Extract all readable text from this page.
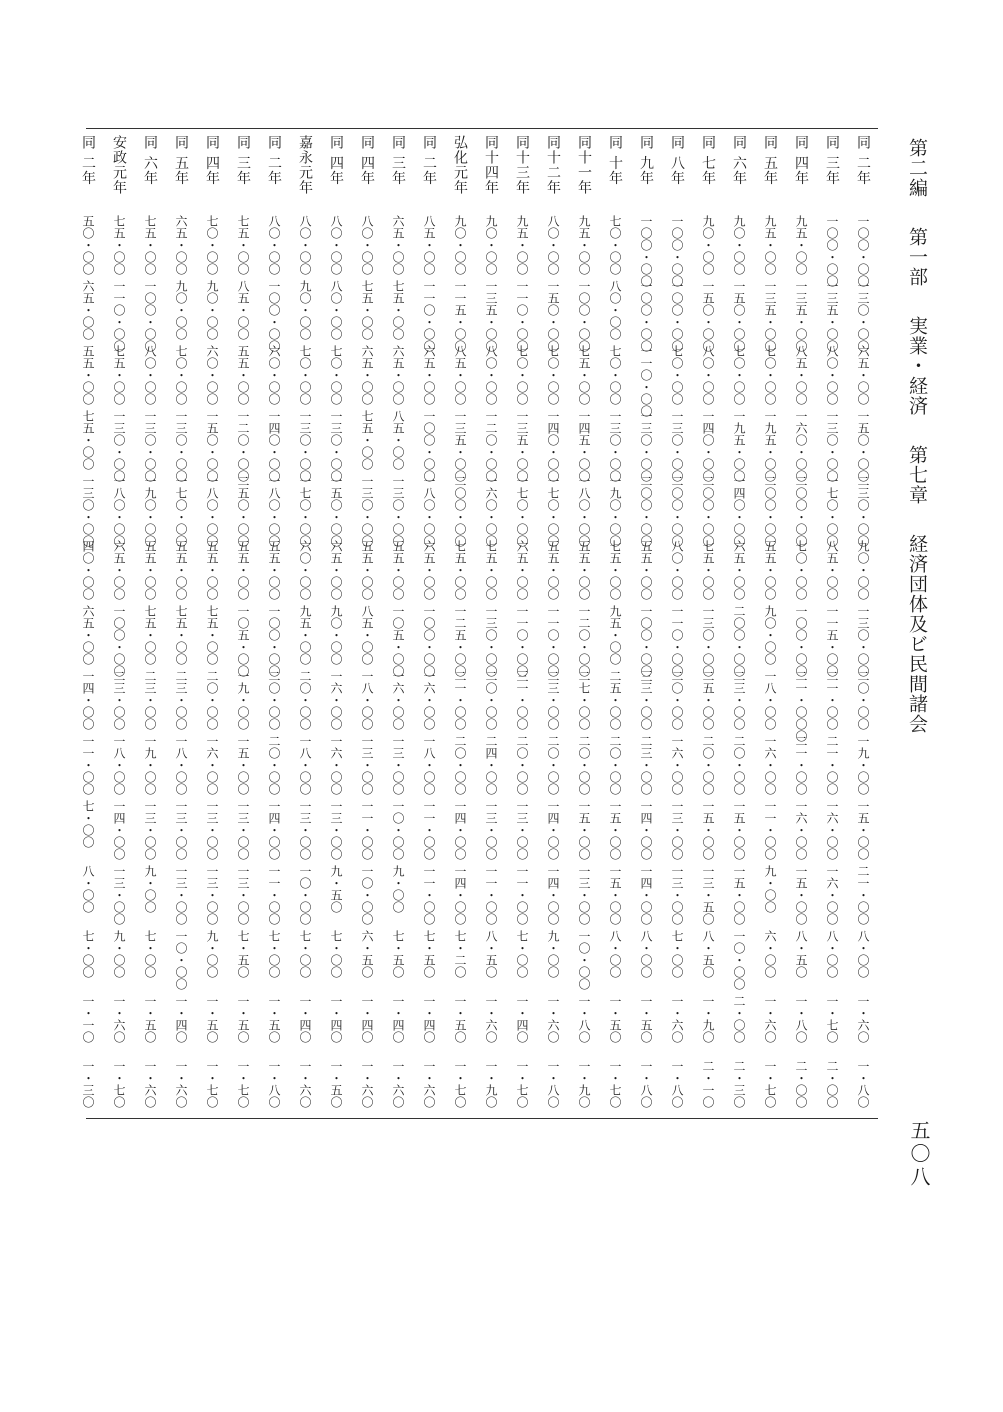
第二編 第一部 実業・経済 第七章 経済団体及ビ民間諸会
同 二年
一〇〇・〇〇
一三〇・〇〇
六五・〇〇
一五〇・〇〇
二三〇・〇〇
九〇・〇〇
一三〇・〇〇
二〇・〇〇
一九・〇〇
一五・〇〇
二一・〇〇
八・〇〇
一・六〇
一・八〇
同 三年
一〇〇・〇〇
一三五・〇〇
八〇・〇〇
一三〇・〇〇
一七〇・〇〇
八五・〇〇
一一五・〇〇
二一・〇〇
二一・〇〇
一六・〇〇
一六・〇〇
八・〇〇
一・七〇
二・〇〇
同 四年
九五・〇〇
一三五・〇〇
八五・〇〇
一六〇・〇〇
二〇〇・〇〇
七〇・〇〇
一〇〇・〇〇
二一・〇〇〇
二一・〇〇
一六・〇〇
一五・〇〇
八・五〇
一・八〇
二・〇〇
同 五年
九五・〇〇
一三五・〇〇
七〇・〇〇
一九五・〇〇
二〇〇・〇〇
五五・〇〇
九〇・〇〇
一八・〇〇
一六・〇〇
一一・〇〇
九・〇〇
六・〇〇
一・六〇
一・七〇
同 六年
九〇・〇〇
一五〇・〇〇
七〇・〇〇
一九五・〇〇
一四〇・〇〇
六五・〇〇
二〇〇・〇〇
二三・〇〇
二〇・〇〇
一五・〇〇
一五・〇〇
一〇・〇〇
二・〇〇
二・三〇
同 七年
九〇・〇〇
一五〇・〇〇
八〇・〇〇
一四〇・〇〇
二〇〇・〇〇
七五・〇〇
一三〇・〇〇
二五・〇〇
二〇・〇〇
一五・〇〇
一三・五〇
八・五〇
一・九〇
二・一〇
同 八年
一〇〇・〇〇
一〇〇・〇〇
七〇・〇〇
一三〇・〇〇
二〇〇・〇〇
八〇・〇〇
一一〇・〇〇
二〇・〇〇
一六・〇〇
一三・〇〇
一三・〇〇
七・〇〇
一・六〇
一・八〇
同 九年
一〇〇・〇〇
一〇〇・〇〇
一一〇・〇〇
一三〇・〇〇
二〇〇・〇〇
五五・〇〇
一〇〇・〇〇
三三・〇〇
二三・〇〇
一四・〇〇
一四・〇〇
八・〇〇
一・五〇
一・八〇
同 十年
七〇・〇〇
八〇・〇〇
七〇・〇〇
一三〇・〇〇
一九〇・〇〇
七五・〇〇
九五・〇〇
二五・〇〇
二〇・〇〇
一五・〇〇
一五・〇〇
八・〇〇
一・五〇
一・七〇
同十一年
九五・〇〇
一〇〇・〇〇
七五・〇〇
一四五・〇〇
一八〇・〇〇
五五・〇〇
一二〇・〇〇
二七・〇〇
二〇・〇〇
一五・〇〇
一三・〇〇
一〇・〇〇
一・八〇
一・九〇
同十二年
八〇・〇〇
一五〇・〇〇
七〇・〇〇
一四〇・〇〇
一七〇・〇〇
五五・〇〇
一一〇・〇〇
二三・〇〇
二〇・〇〇
一四・〇〇
一四・〇〇
九・〇〇
一・六〇
一・八〇
同十三年
九五・〇〇
一一〇・〇〇
七〇・〇〇
一三五・〇〇
一七〇・〇〇
六五・〇〇
一一〇・〇〇
三一・〇〇
二〇・〇〇
一三・〇〇
一一・〇〇
七・〇〇
一・四〇
一・七〇
同十四年
九〇・〇〇
一三五・〇〇
八〇・〇〇
一二〇・〇〇
一六〇・〇〇
七五・〇〇
一三〇・〇〇
二〇・〇〇
二四・〇〇
一三・〇〇
一一・〇〇
八・五〇
一・六〇
一・九〇
弘化元年
九〇・〇〇
一一五・〇〇
八五・〇〇
一三五・〇〇
二〇〇・〇〇
七五・〇〇
一二五・〇〇
二一・〇〇
二〇・〇〇
一四・〇〇
一四・〇〇
七・二〇
一・五〇
一・七〇
同 二年
八五・〇〇
一一〇・〇〇
六五・〇〇
一〇〇・〇〇
一八〇・〇〇
六五・〇〇
一〇〇・〇〇
一六・〇〇
一八・〇〇
一一・〇〇
一一・〇〇
七・五〇
一・四〇
一・六〇
同 三年
六五・〇〇
七五・〇〇
六五・〇〇
八五・〇〇
一三〇・〇〇
五五・〇〇
一〇五・〇〇
一六・〇〇
一三・〇〇
一〇・〇〇
九・〇〇
七・五〇
一・四〇
一・六〇
同 四年
八〇・〇〇
七五・〇〇
六五・〇〇
七五・〇〇
一三〇・〇〇
五五・〇〇
八五・〇〇
一八・〇〇
一三・〇〇
一一・〇〇
一〇・〇〇
六・五〇
一・四〇
一・六〇
同 四年
八〇・〇〇
八〇・〇〇
七〇・〇〇
一三〇・〇〇
一五〇・〇〇
六五・〇〇
九〇・〇〇
一六・〇〇
一六・〇〇
一三・〇〇
九・五〇
七・〇〇
一・四〇
一・五〇
嘉永元年
八〇・〇〇
九〇・〇〇
七〇・〇〇
一三〇・〇〇
一七〇・〇〇
六〇・〇〇
九五・〇〇
二〇・〇〇
一八・〇〇
一三・〇〇
一〇・〇〇
七・〇〇
一・四〇
一・六〇
同 二年
八〇・〇〇
一〇〇・〇〇
六〇・〇〇
一四〇・〇〇
一八〇・〇〇
五五・〇〇
一〇〇・〇〇
二〇・〇〇
二〇・〇〇
一四・〇〇
一一・〇〇
七・〇〇
一・五〇
一・八〇
同 三年
七五・〇〇
八五・〇〇
五五・〇〇
一二〇・〇〇
二五〇・〇〇
五五・〇〇
一〇五・〇〇
一九・〇〇
一五・〇〇
一三・〇〇
一三・〇〇
七・五〇
一・五〇
一・七〇
同 四年
七〇・〇〇
九〇・〇〇
六〇・〇〇
一五〇・〇〇
一八〇・〇〇
五五・〇〇
七五・〇〇
二〇・〇〇
一六・〇〇
一三・〇〇
一三・〇〇
九・〇〇
一・五〇
一・七〇
同 五年
六五・〇〇
九〇・〇〇
七〇・〇〇
一三〇・〇〇
一七〇・〇〇
五五・〇〇
七五・〇〇
二三・〇〇
一八・〇〇
一三・〇〇
一三・〇〇
一〇・〇〇
一・四〇
一・六〇
同 六年
七五・〇〇
一〇〇・〇〇
八〇・〇〇
一三〇・〇〇
一九〇・〇〇
五五・〇〇
七五・〇〇
二三・〇〇
一九・〇〇
一三・〇〇
九・〇〇
七・〇〇
一・五〇
一・六〇
安政元年
七五・〇〇
一一〇・〇〇
七五・〇〇
一三〇・〇〇
一八〇・〇〇
六五・〇〇
一〇〇・〇〇
二三・〇〇
一八・〇〇
一四・〇〇
一三・〇〇
九・〇〇
一・六〇
一・七〇
同 二年
五〇・〇〇
六五・〇〇
五五・〇〇
七五・〇〇
一三〇・〇〇
四〇・〇〇
六五・〇〇
一四・〇〇
一一・〇〇
七・〇〇
八・〇〇
七・〇〇
一・一〇
一・三〇
五〇八
